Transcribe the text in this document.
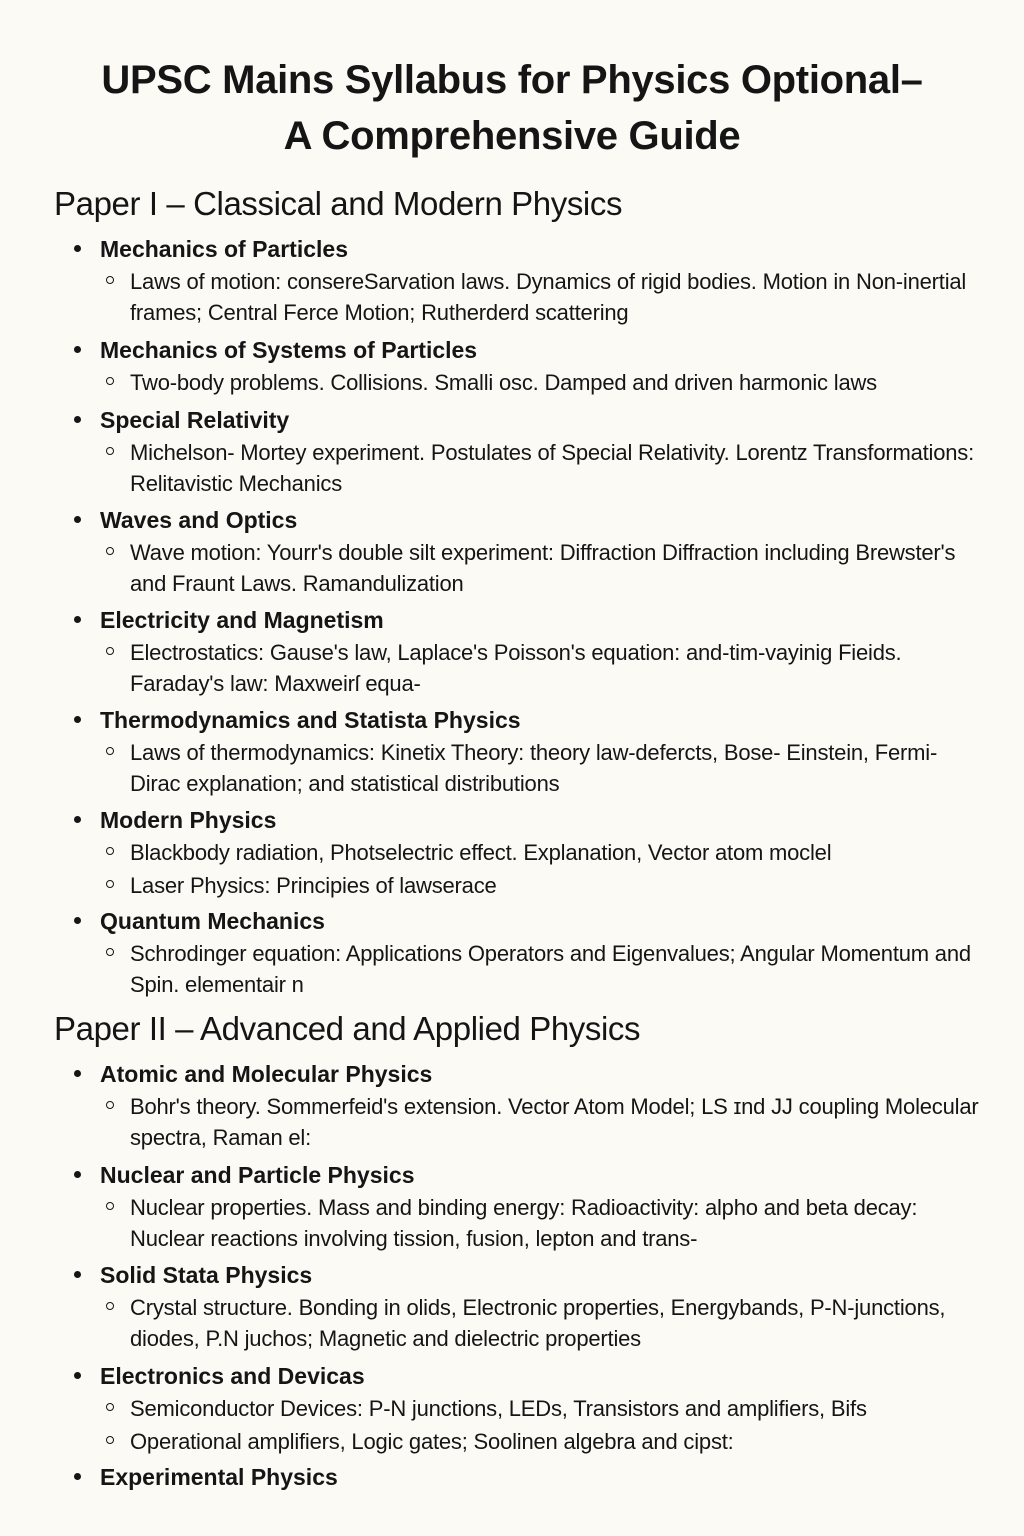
UPSC Mains Syllabus for Physics Optional–
A Comprehensive Guide
Paper I – Classical and Modern Physics
Mechanics of Particles
Laws of motion: consereSarvation laws. Dynamics of rigid bodies. Motion in Non-inertial frames; Central Ferce Motion; Rutherderd scattering
Mechanics of Systems of Particles
Two-body problems. Collisions. Smalli osc. Damped and driven harmonic laws
Special Relativity
Michelson- Mortey experiment. Postulates of Special Relativity. Lorentz Transformations: Relitavistic Mechanics
Waves and Optics
Wave motion: Yourr's double silt experiment: Diffraction Diffraction including Brewster's and Fraunt Laws. Ramandulization
Electricity and Magnetism
Electrostatics: Gause's law, Laplace's Poisson's equation: and-tim-vayinig Fieids. Faraday's law: Maxweirſ equa-
Thermodynamics and Statista Physics
Laws of thermodynamics: Kinetix Theory: theory law-defercts, Bose- Einstein, Fermi-Dirac explanation; and statistical distributions
Modern Physics
Blackbody radiation, Photselectric effect. Explanation, Vector atom moclel
Laser Physics: Principies of lawserace
Quantum Mechanics
Schrodinger equation: Applications Operators and Eigenvalues; Angular Momentum and Spin. elementair n
Paper II – Advanced and Applied Physics
Atomic and Molecular Physics
Bohr's theory. Sommerfeid's extension. Vector Atom Model; LS ɪnd JJ coupling Molecular spectra, Raman el:
Nuclear and Particle Physics
Nuclear properties. Mass and binding energy: Radioactivity: alpho and beta decay: Nuclear reactions involving tission, fusion, lepton and trans-
Solid Stata Physics
Crystal structure. Bonding in olids, Electronic properties, Energybands, P-N-junctions, diodes, P.N juchos; Magnetic and dielectric properties
Electronics and Devicas
Semiconductor Devices: P-N junctions, LEDs, Transistors and amplifiers, Bifs
Operational amplifiers, Logic gates; Soolinen algebra and cipst:
Experimental Physics
